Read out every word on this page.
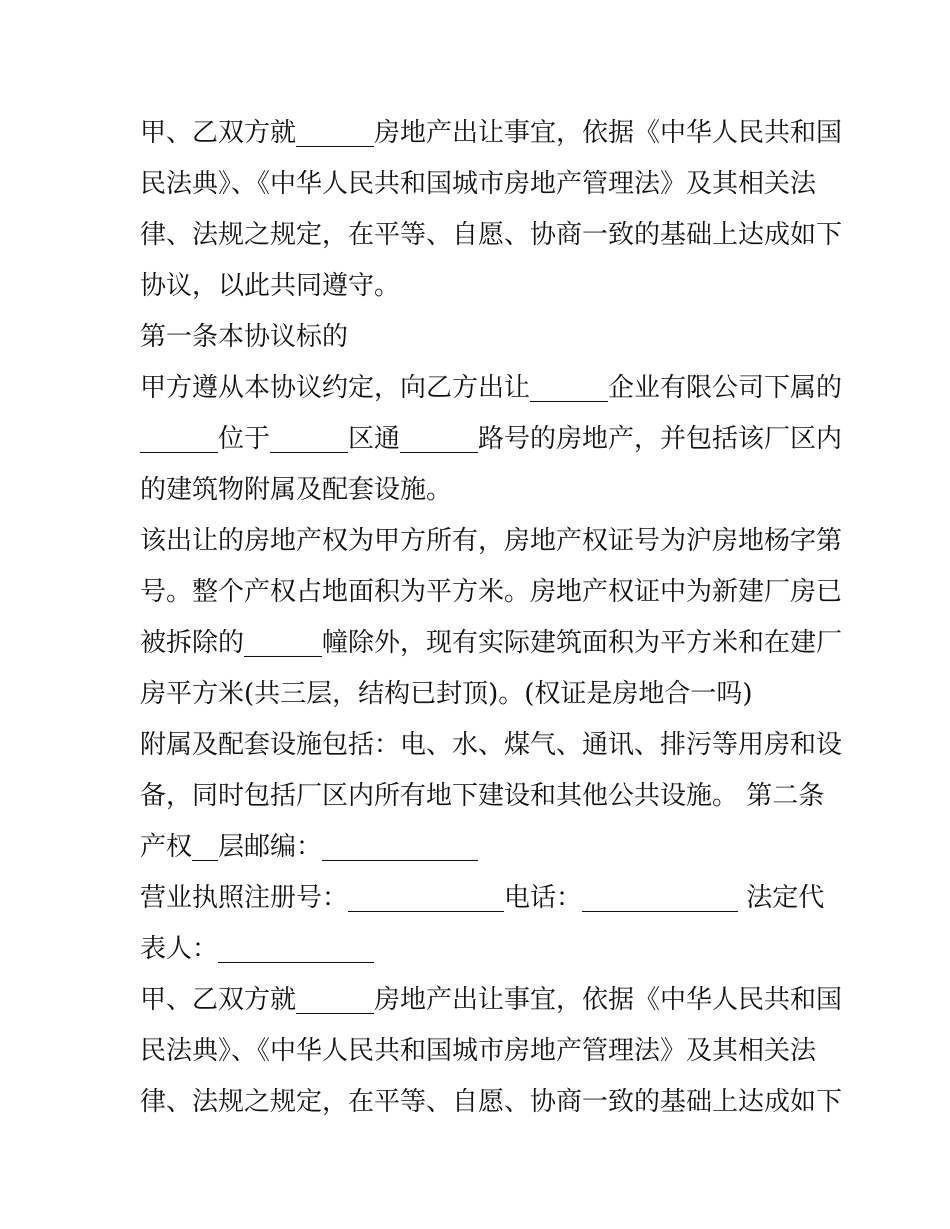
甲、乙双方就______房地产出让事宜，依据《中华人民共和国
民法典》、《中华人民共和国城市房地产管理法》及其相关法
律、法规之规定，在平等、自愿、协商一致的基础上达成如下
协议，以此共同遵守。
第一条本协议标的
甲方遵从本协议约定，向乙方出让______企业有限公司下属的
______位于______区通______路号的房地产，并包括该厂区内
的建筑物附属及配套设施。
该出让的房地产权为甲方所有，房地产权证号为沪房地杨字第
号。整个产权占地面积为平方米。房地产权证中为新建厂房已
被拆除的______幢除外，现有实际建筑面积为平方米和在建厂
房平方米(共三层，结构已封顶)。(权证是房地合一吗)
附属及配套设施包括：电、水、煤气、通讯、排污等用房和设
备，同时包括厂区内所有地下建设和其他公共设施。 第二条
产权__层邮编：____________
营业执照注册号：____________电话：____________ 法定代
表人：____________
甲、乙双方就______房地产出让事宜，依据《中华人民共和国
民法典》、《中华人民共和国城市房地产管理法》及其相关法
律、法规之规定，在平等、自愿、协商一致的基础上达成如下
